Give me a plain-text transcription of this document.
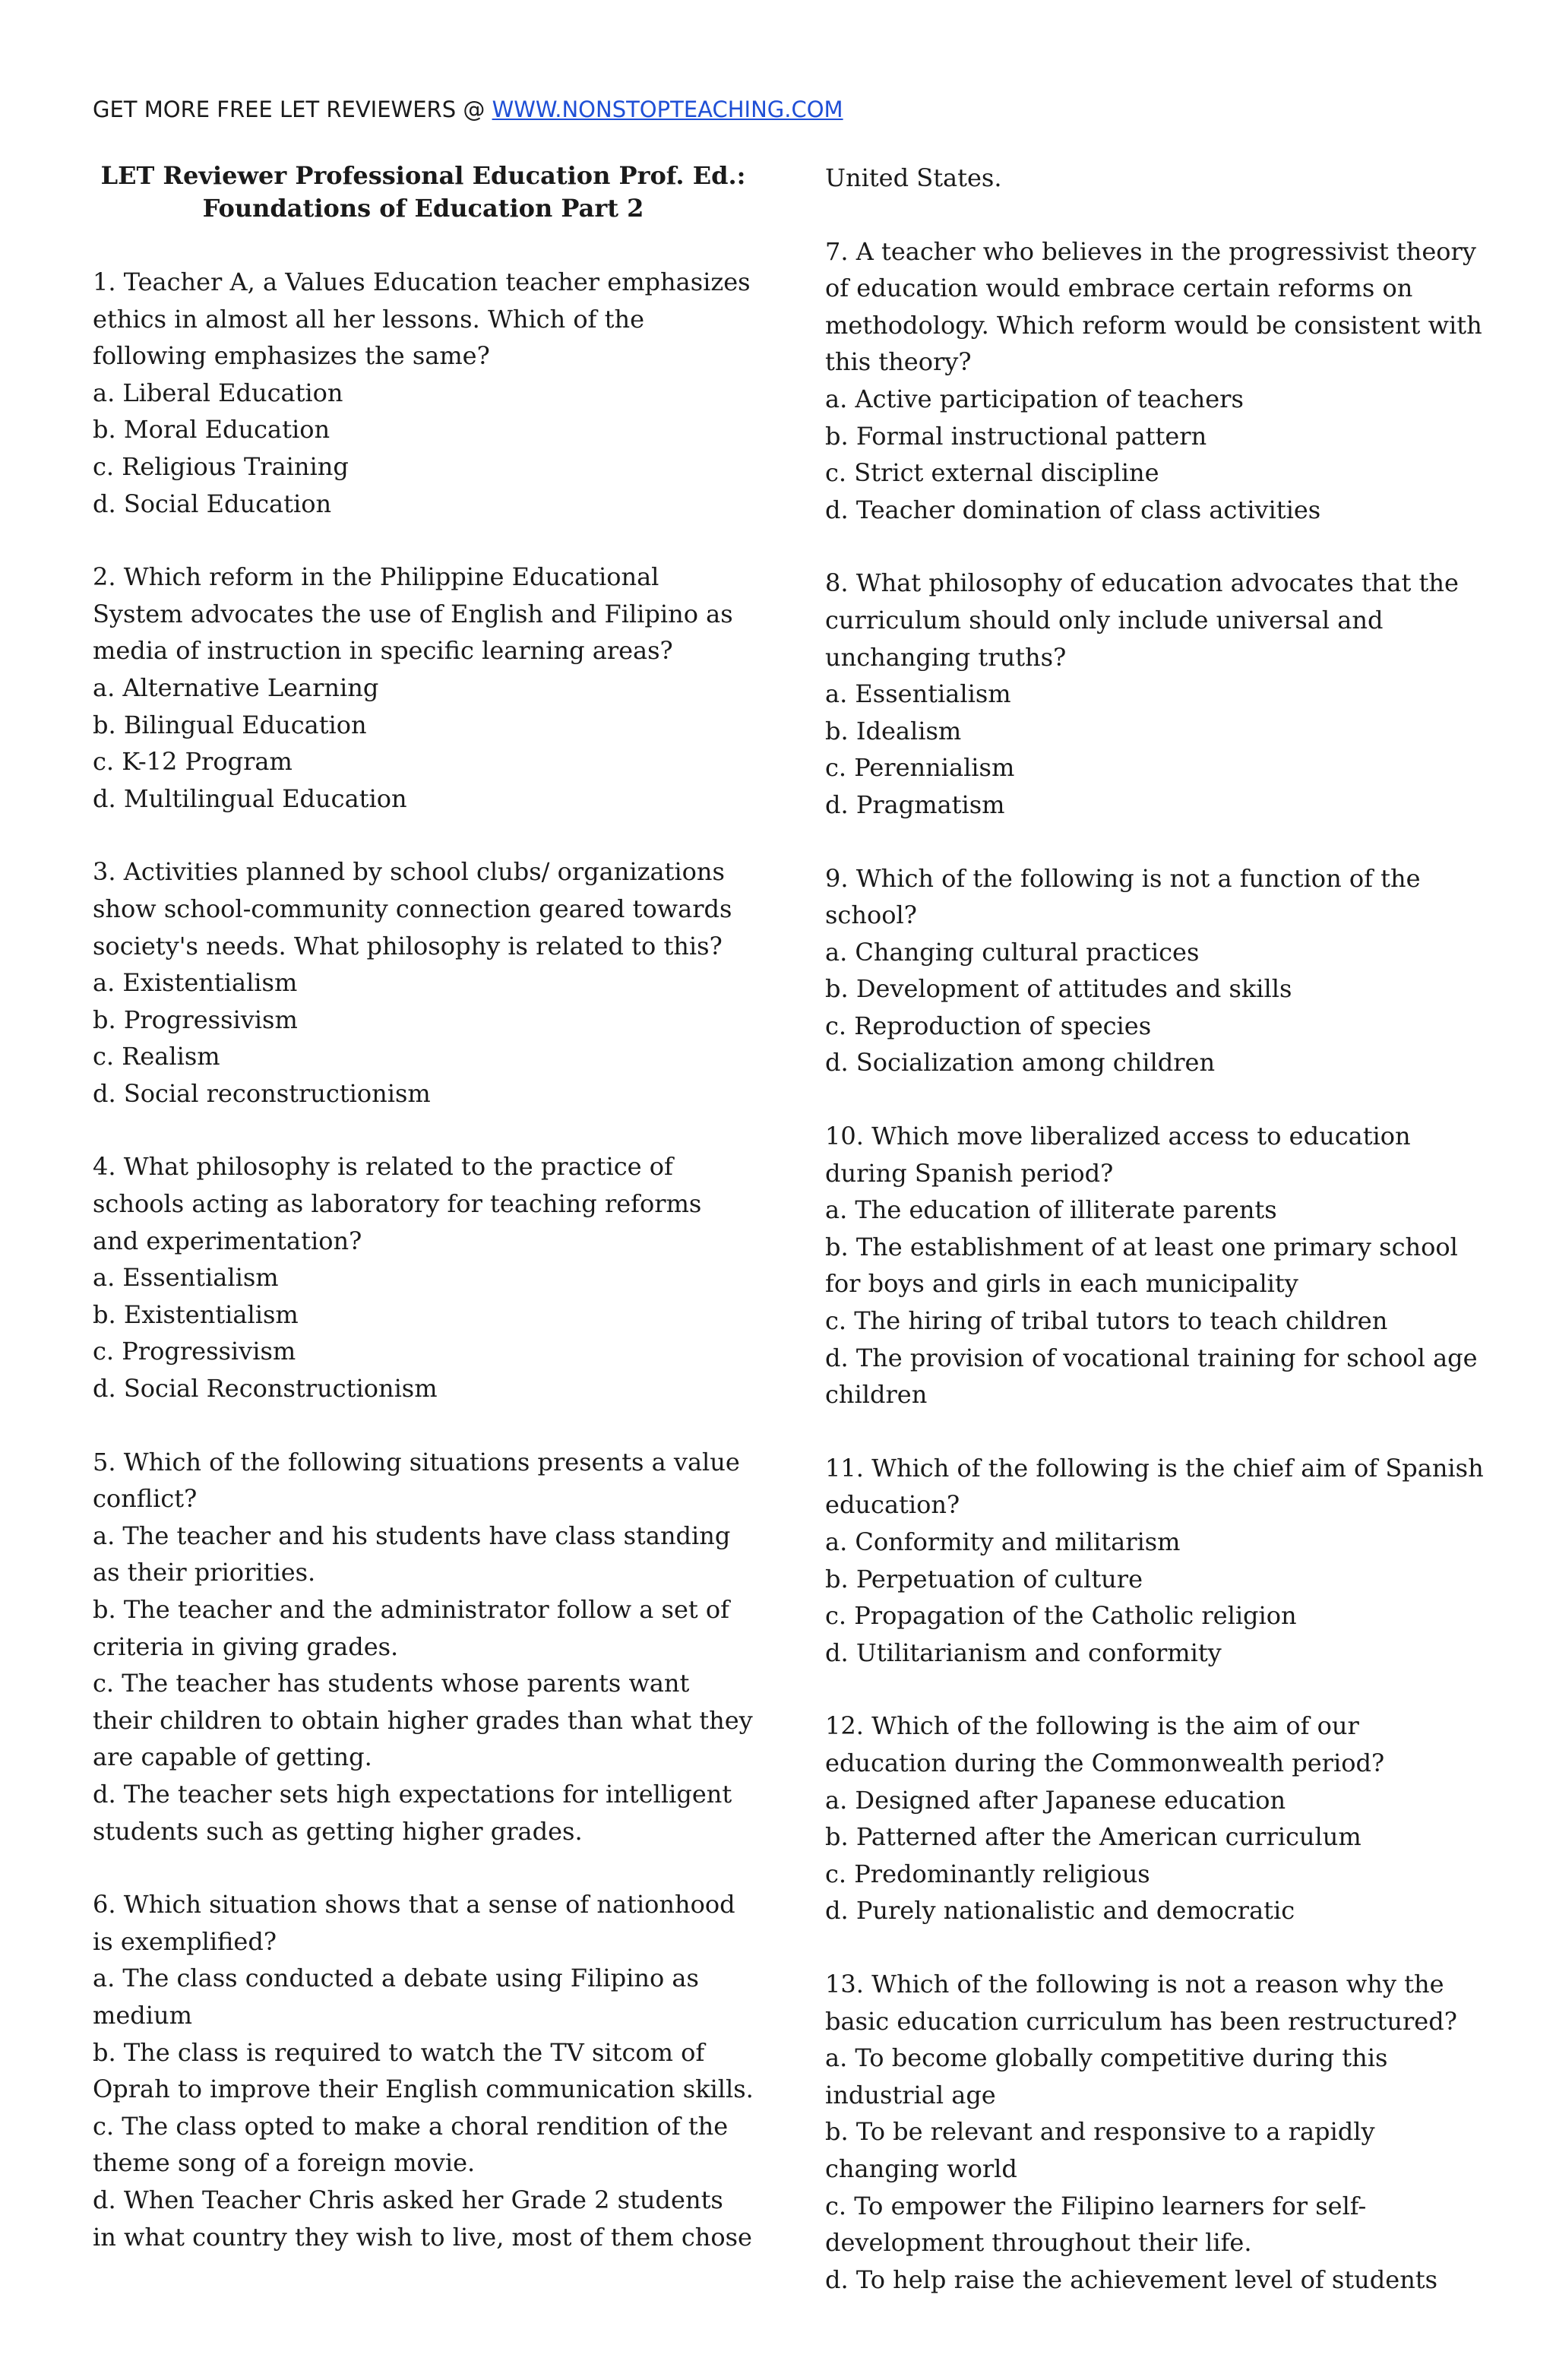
GET MORE FREE LET REVIEWERS @ WWW.NONSTOPTEACHING.COM
LET Reviewer Professional Education Prof. Ed.:
Foundations of Education Part 2
1. Teacher A, a Values Education teacher emphasizes ethics in almost all her lessons. Which of the following emphasizes the same?
a. Liberal Education
b. Moral Education
c. Religious Training
d. Social Education
2. Which reform in the Philippine Educational System advocates the use of English and Filipino as media of instruction in specific learning areas?
a. Alternative Learning
b. Bilingual Education
c. K-12 Program
d. Multilingual Education
3. Activities planned by school clubs/ organizations show school-community connection geared towards society's needs. What philosophy is related to this?
a. Existentialism
b. Progressivism
c. Realism
d. Social reconstructionism
4. What philosophy is related to the practice of schools acting as laboratory for teaching reforms and experimentation?
a. Essentialism
b. Existentialism
c. Progressivism
d. Social Reconstructionism
5. Which of the following situations presents a value conflict?
a. The teacher and his students have class standing as their priorities.
b. The teacher and the administrator follow a set of criteria in giving grades.
c. The teacher has students whose parents want their children to obtain higher grades than what they are capable of getting.
d. The teacher sets high expectations for intelligent students such as getting higher grades.
6. Which situation shows that a sense of nationhood is exemplified?
a. The class conducted a debate using Filipino as medium
b. The class is required to watch the TV sitcom of Oprah to improve their English communication skills.
c. The class opted to make a choral rendition of the theme song of a foreign movie.
d. When Teacher Chris asked her Grade 2 students in what country they wish to live, most of them chose
United States.
7. A teacher who believes in the progressivist theory of education would embrace certain reforms on methodology. Which reform would be consistent with this theory?
a. Active participation of teachers
b. Formal instructional pattern
c. Strict external discipline
d. Teacher domination of class activities
8. What philosophy of education advocates that the curriculum should only include universal and unchanging truths?
a. Essentialism
b. Idealism
c. Perennialism
d. Pragmatism
9. Which of the following is not a function of the school?
a. Changing cultural practices
b. Development of attitudes and skills
c. Reproduction of species
d. Socialization among children
10. Which move liberalized access to education during Spanish period?
a. The education of illiterate parents
b. The establishment of at least one primary school for boys and girls in each municipality
c. The hiring of tribal tutors to teach children
d. The provision of vocational training for school age children
11. Which of the following is the chief aim of Spanish education?
a. Conformity and militarism
b. Perpetuation of culture
c. Propagation of the Catholic religion
d. Utilitarianism and conformity
12. Which of the following is the aim of our education during the Commonwealth period?
a. Designed after Japanese education
b. Patterned after the American curriculum
c. Predominantly religious
d. Purely nationalistic and democratic
13. Which of the following is not a reason why the basic education curriculum has been restructured?
a. To become globally competitive during this industrial age
b. To be relevant and responsive to a rapidly changing world
c. To empower the Filipino learners for self-development throughout their life.
d. To help raise the achievement level of students
